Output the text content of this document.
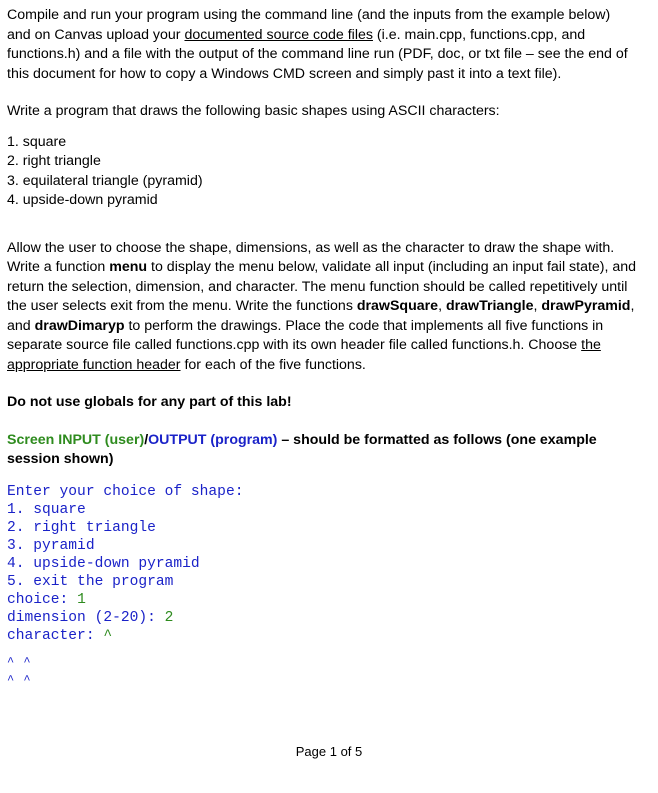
Compile and run your program using the command line (and the inputs from the example below) and on Canvas upload your documented source code files (i.e. main.cpp, functions.cpp, and functions.h) and a file with the output of the command line run (PDF, doc, or txt file – see the end of this document for how to copy a Windows CMD screen and simply past it into a text file).

Write a program that draws the following basic shapes using ASCII characters:

1. square
2. right triangle
3. equilateral triangle (pyramid)
4. upside-down pyramid

Allow the user to choose the shape, dimensions, as well as the character to draw the shape with. Write a function menu to display the menu below, validate all input (including an input fail state), and return the selection, dimension, and character. The menu function should be called repetitively until the user selects exit from the menu. Write the functions drawSquare, drawTriangle, drawPyramid, and drawDimaryp to perform the drawings. Place the code that implements all five functions in separate source file called functions.cpp with its own header file called functions.h. Choose the appropriate function header for each of the five functions.

Do not use globals for any part of this lab!

Screen INPUT (user)/OUTPUT (program) – should be formatted as follows (one example session shown)

Enter your choice of shape:
1. square
2. right triangle
3. pyramid
4. upside-down pyramid
5. exit the program
choice: 1
dimension (2-20): 2
character: ^
^ ^
^ ^
Page 1 of 5
